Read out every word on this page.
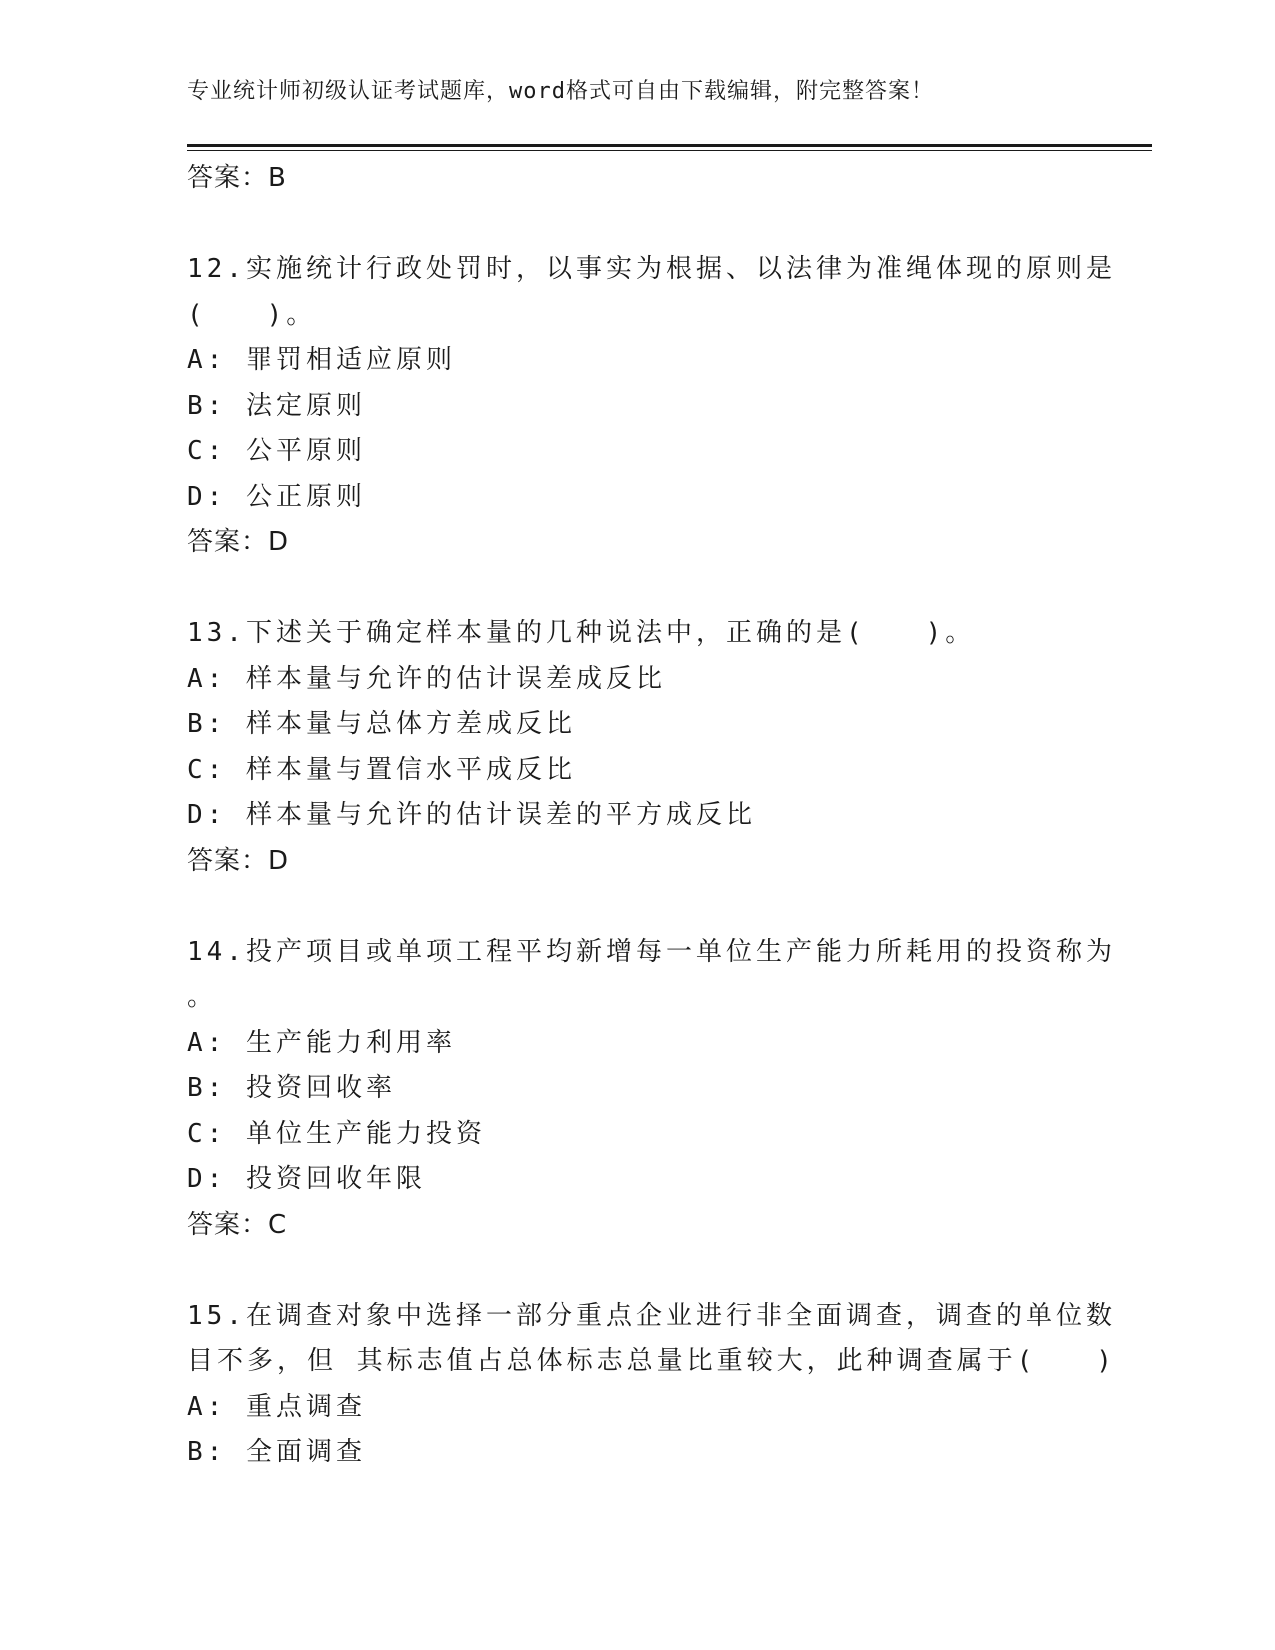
专业统计师初级认证考试题库，word格式可自由下载编辑，附完整答案！
答案：B
12.实施统计行政处罚时，以事实为根据、以法律为准绳体现的原则是
(　　)。
A: 罪罚相适应原则
B: 法定原则
C: 公平原则
D: 公正原则
答案：D
13.下述关于确定样本量的几种说法中，正确的是(　　)。
A: 样本量与允许的估计误差成反比
B: 样本量与总体方差成反比
C: 样本量与置信水平成反比
D: 样本量与允许的估计误差的平方成反比
答案：D
14.投产项目或单项工程平均新增每一单位生产能力所耗用的投资称为
。
A: 生产能力利用率
B: 投资回收率
C: 单位生产能力投资
D: 投资回收年限
答案：C
15.在调查对象中选择一部分重点企业进行非全面调查，调查的单位数
目不多，但 其标志值占总体标志总量比重较大，此种调查属于(　　)
A: 重点调查
B: 全面调查
